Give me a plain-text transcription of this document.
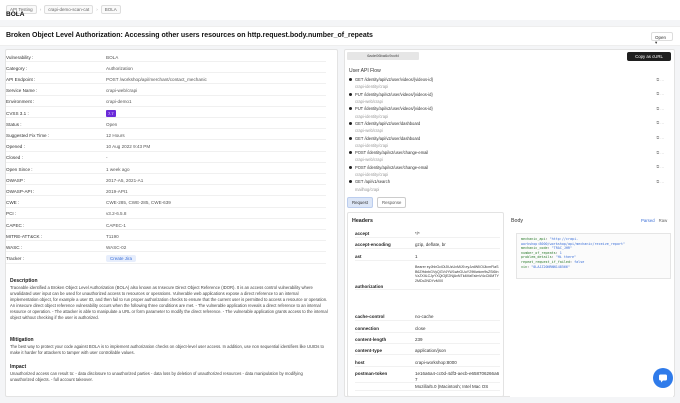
API Testing	›	crapi-demo-scan-cat	›	BOLA
BOLA
Broken Object Level Authorization: Accessing other users resources on http.request.body.number_of_repeats	Open ▾
Vulnerability :	BOLA
Category :	Authorization
API Endpoint :	POST /workshop/api/merchant/contact_mechanic
Service Name :	crapi-web/crapi
Environment :	crapi-demo1
CVSS 3.1 :	7.7
Status :	Open
Suggested Fix Time :	12 Hours
Opened :	10 Aug 2022 9:43 PM
Closed :	-
Open Since :	1 week ago
OWASP :	2017-A5, 2021-A1
OWASP-API :	2019-API1
CWE :	CWE-285, CWE-285, CWE-639
PCI :	v3.2-6.5.8
CAPEC :	CAPEC-1
MITRE-ATT&CK :	T1190
WASC :	WASC-02
Tracker :	Create Jira
Description
Traceable identified a Broken Object Level Authorization (BOLA) also known as Insecure Direct Object Reference (IDOR). It is an access control vulnerability where unvalidated user input can be used for unauthorized access to resources or operations. Vulnerable web applications expose a direct reference to an internal implementation object, for example a user ID, and then fail to run proper authorization checks to ensure that the current user is permitted to access a resource or operation. An insecure direct object reference vulnerability occurs when the following three conditions are met. - The vulnerable application reveals a direct reference to an internal resource or operation. - The attacker is able to manipulate a URL or form parameter to modify the direct reference. - The vulnerable application grants access to the internal object without checking if the user is authorized.
Mitigation
The best way to protect your code against BOLA is to implement authorization checks on object-level user access. In addition, use non sequential identifiers like UUIDs to make it harder for attackers to tamper with user controllable values.
Impact
Unauthorized access can result to: - data disclosure to unauthorized parties - data loss by deletion of unauthorized resources - data manipulation by modifying unauthorized objects. - full account takeover.
6ade06ba6c9ccfd	Copy as cURL
User API Flow
GET /identity/api/v2/user/videos/{videos-id}	⧉ ⋯
crapi-identity/crapi
PUT /identity/api/v2/user/videos/{videos-id}	⧉ ⋯
crapi-web/crapi
PUT /identity/api/v2/user/videos/{videos-id}	⧉ ⋯
crapi-identity/crapi
GET /identity/api/v2/user/dashboard	⧉ ⋯
crapi-web/crapi
GET /identity/api/v2/user/dashboard	⧉ ⋯
crapi-identity/crapi
POST /identity/api/v2/user/change-email	⧉ ⋯
crapi-web/crapi
POST /identity/api/v2/user/change-email	⧉ ⋯
crapi-identity/crapi
GET /api/v1/search	⧉ ⋯
mailhog/crapi
Request	Response
Headers
accept	*/*
accept-encoding	gzip, deflate, br
ast	1
authorization
Bearer eyJhbGciOiJIUzUxMiJ9.eyJzdWIiOiJlcmFlaSB6ZHdnbGVyQGV4YW1wbGUuY29tIiwicm9sZSI6InVzZXIiLCJpYXQiOjE2NjAxNTk4MzEsImV4cCI6MTY2MDc2NDYzMX0
cache-control	no-cache
connection	close
content-length	239
content-type	application/json
host	crapi-workshop:8000
postman-token	1e16a6a4-cc0d-4df3-aecb-e658706266a67
Mozilla/5.0 (Macintosh; Intel Mac OS
Body	Parsed Raw
mechanic_api: "http://crapi-workshop:8000/workshop/api/mechanic/receive_report"
mechanic_code: "TRAC_JHR"
number_of_repeats: 1
problem_details: "Hi there"
repeat_request_if_failed: false
vin: "0LAJZ20NRNN148566"
